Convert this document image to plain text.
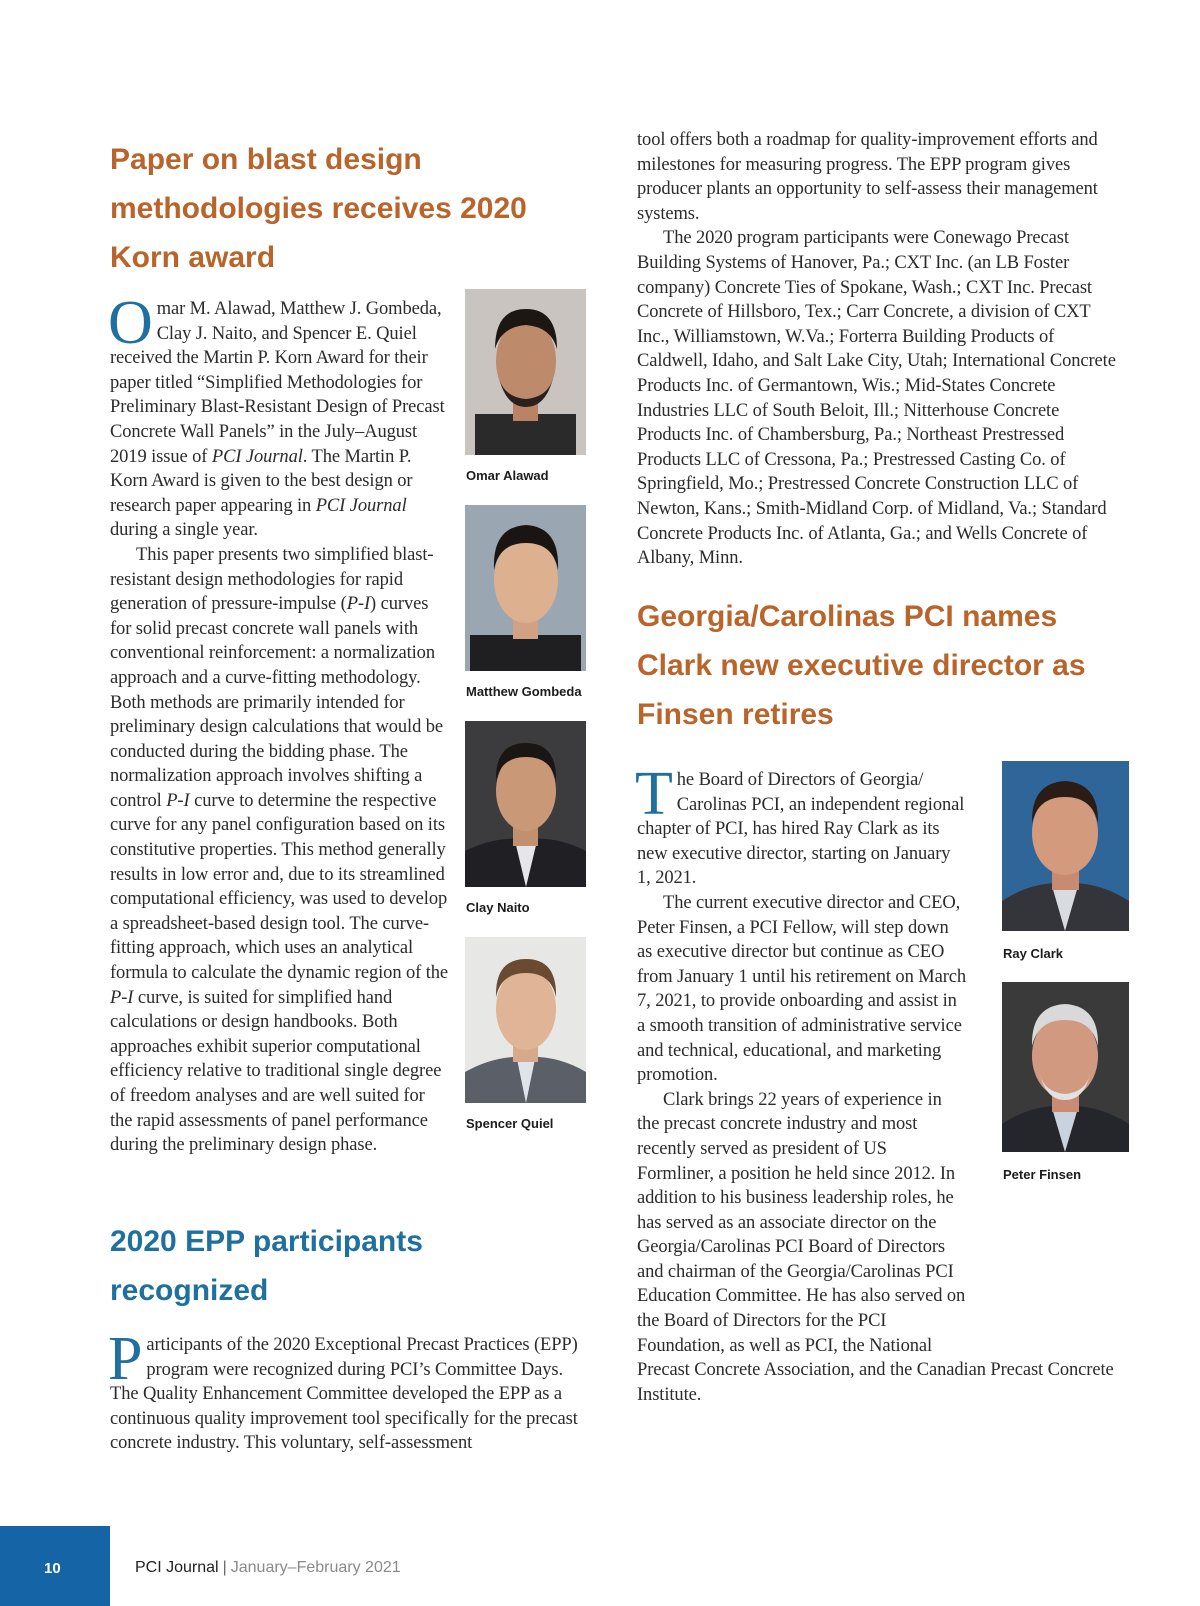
Paper on blast design methodologies receives 2020 Korn award

Omar M. Alawad, Matthew J. Gombeda, Clay J. Naito, and Spencer E. Quiel received the Martin P. Korn Award for their paper titled “Simplified Methodologies for Preliminary Blast-Resistant Design of Precast Concrete Wall Panels” in the July–August 2019 issue of PCI Journal. The Martin P. Korn Award is given to the best design or research paper appearing in PCI Journal during a single year.

This paper presents two simplified blast-resistant design methodologies for rapid generation of pressure-impulse (P-I) curves for solid precast concrete wall panels with conventional reinforcement: a normalization approach and a curve-fitting methodology. Both methods are primarily intended for preliminary design calculations that would be conducted during the bidding phase. The normalization approach involves shifting a control P-I curve to determine the respective curve for any panel configuration based on its constitutive properties. This method generally results in low error and, due to its streamlined computational efficiency, was used to develop a spreadsheet-based design tool. The curve-fitting approach, which uses an analytical formula to calculate the dynamic region of the P-I curve, is suited for simplified hand calculations or design handbooks. Both approaches exhibit superior computational efficiency relative to traditional single degree of freedom analyses and are well suited for the rapid assessments of panel performance during the preliminary design phase.

Omar Alawad

Matthew Gombeda

Clay Naito

Spencer Quiel

2020 EPP participants recognized

Participants of the 2020 Exceptional Precast Practices (EPP) program were recognized during PCI’s Committee Days. The Quality Enhancement Committee developed the EPP as a continuous quality improvement tool specifically for the precast concrete industry. This voluntary, self-assessment

tool offers both a roadmap for quality-improvement efforts and milestones for measuring progress. The EPP program gives producer plants an opportunity to self-assess their management systems.

The 2020 program participants were Conewago Precast Building Systems of Hanover, Pa.; CXT Inc. (an LB Foster company) Concrete Ties of Spokane, Wash.; CXT Inc. Precast Concrete of Hillsboro, Tex.; Carr Concrete, a division of CXT Inc., Williamstown, W.Va.; Forterra Building Products of Caldwell, Idaho, and Salt Lake City, Utah; International Concrete Products Inc. of Germantown, Wis.; Mid-States Concrete Industries LLC of South Beloit, Ill.; Nitterhouse Concrete Products Inc. of Chambersburg, Pa.; Northeast Prestressed Products LLC of Cressona, Pa.; Prestressed Casting Co. of Springfield, Mo.; Prestressed Concrete Construction LLC of Newton, Kans.; Smith-Midland Corp. of Midland, Va.; Standard Concrete Products Inc. of Atlanta, Ga.; and Wells Concrete of Albany, Minn.

Georgia/Carolinas PCI names Clark new executive director as Finsen retires

The Board of Directors of Georgia/ Carolinas PCI, an independent regional chapter of PCI, has hired Ray Clark as its new executive director, starting on January 1, 2021.

The current executive director and CEO, Peter Finsen, a PCI Fellow, will step down as executive director but continue as CEO from January 1 until his retirement on March 7, 2021, to provide onboarding and assist in a smooth transition of administrative service and technical, educational, and marketing promotion.

Clark brings 22 years of experience in the precast concrete industry and most recently served as president of US Formliner, a position he held since 2012. In addition to his business leadership roles, he has served as an associate director on the Georgia/Carolinas PCI Board of Directors and chairman of the Georgia/Carolinas PCI Education Committee. He has also served on the Board of Directors for the PCI Foundation, as well as PCI, the National Precast Concrete Association, and the Canadian Precast Concrete Institute.

Ray Clark

Peter Finsen

10	PCI Journal | January–February 2021
